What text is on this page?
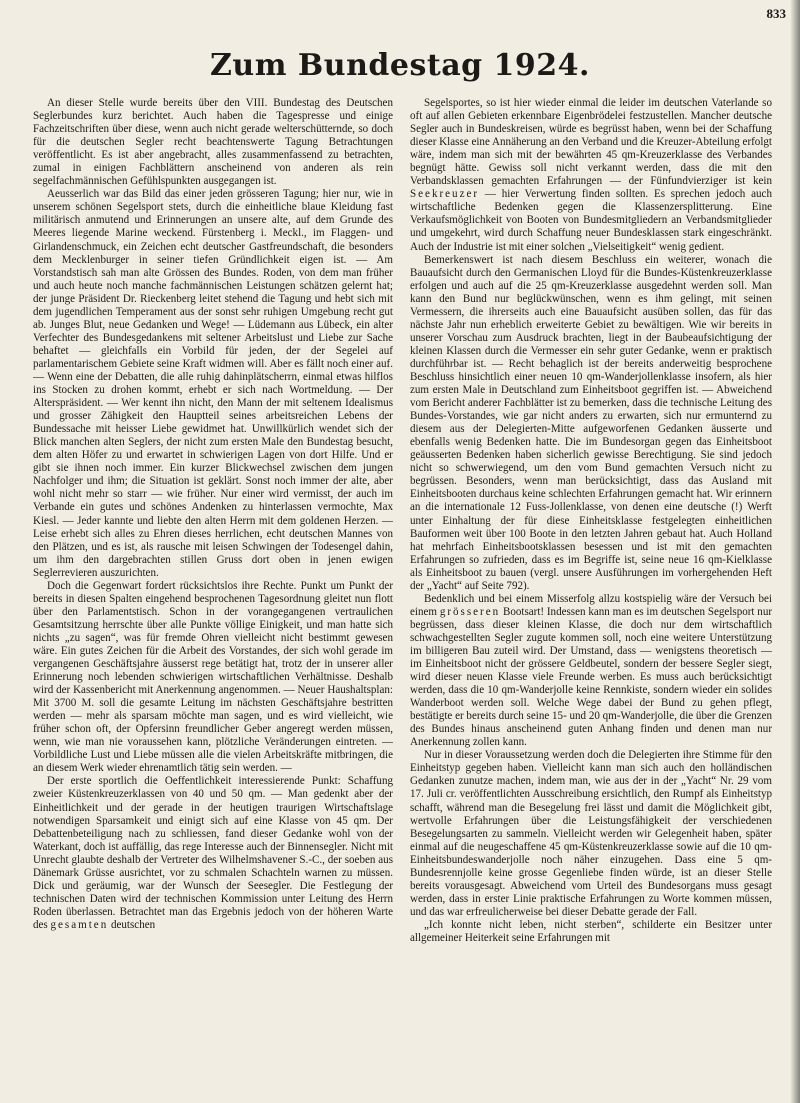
833
Zum Bundestag 1924.

An dieser Stelle wurde bereits über den VIII. Bundestag des Deutschen Seglerbundes kurz berichtet. Auch haben die Tagespresse und einige Fachzeitschriften über diese, wenn auch nicht gerade welterschütternde, so doch für die deutschen Segler recht beachtenswerte Tagung Betrachtungen veröffentlicht. Es ist aber angebracht, alles zusammenfassend zu betrachten, zumal in einigen Fachblättern anscheinend von anderen als rein segelfachmännischen Gefühlspunkten ausgegangen ist.

Aeusserlich war das Bild das einer jeden grösseren Tagung; hier nur, wie in unserem schönen Segelsport stets, durch die einheitliche blaue Kleidung fast militärisch anmutend und Erinnerungen an unsere alte, auf dem Grunde des Meeres liegende Marine weckend. Fürstenberg i. Meckl., im Flaggen- und Girlandenschmuck, ein Zeichen echt deutscher Gastfreundschaft, die besonders dem Mecklenburger in seiner tiefen Gründlichkeit eigen ist. — Am Vorstandstisch sah man alte Grössen des Bundes. Roden, von dem man früher und auch heute noch manche fachmännischen Leistungen schätzen gelernt hat; der junge Präsident Dr. Rieckenberg leitet stehend die Tagung und hebt sich mit dem jugendlichen Temperament aus der sonst sehr ruhigen Umgebung recht gut ab. Junges Blut, neue Gedanken und Wege! — Lüdemann aus Lübeck, ein alter Verfechter des Bundesgedankens mit seltener Arbeitslust und Liebe zur Sache behaftet — gleichfalls ein Vorbild für jeden, der der Segelei auf parlamentarischem Gebiete seine Kraft widmen will. Aber es fällt noch einer auf. — Wenn eine der Debatten, die alle ruhig dahinplätscherrn, einmal etwas hilflos ins Stocken zu drohen kommt, erhebt er sich nach Wortmeldung. — Der Alterspräsident. — Wer kennt ihn nicht, den Mann der mit seltenem Idealismus und grosser Zähigkeit den Hauptteil seines arbeitsreichen Lebens der Bundessache mit heisser Liebe gewidmet hat. Unwillkürlich wendet sich der Blick manchen alten Seglers, der nicht zum ersten Male den Bundestag besucht, dem alten Höfer zu und erwartet in schwierigen Lagen von dort Hilfe. Und er gibt sie ihnen noch immer. Ein kurzer Blickwechsel zwischen dem jungen Nachfolger und ihm; die Situation ist geklärt. Sonst noch immer der alte, aber wohl nicht mehr so starr — wie früher. Nur einer wird vermisst, der auch im Verbande ein gutes und schönes Andenken zu hinterlassen vermochte, Max Kiesl. — Jeder kannte und liebte den alten Herrn mit dem goldenen Herzen. — Leise erhebt sich alles zu Ehren dieses herrlichen, echt deutschen Mannes von den Plätzen, und es ist, als rausche mit leisen Schwingen der Todesengel dahin, um ihm den dargebrachten stillen Gruss dort oben in jenen ewigen Seglerrevieren auszurichten.

Doch die Gegenwart fordert rücksichtslos ihre Rechte. Punkt um Punkt der bereits in diesen Spalten eingehend besprochenen Tagesordnung gleitet nun flott über den Parlamentstisch. Schon in der vorangegangenen vertraulichen Gesamtsitzung herrschte über alle Punkte völlige Einigkeit, und man hatte sich nichts „zu sagen“, was für fremde Ohren vielleicht nicht bestimmt gewesen wäre. Ein gutes Zeichen für die Arbeit des Vorstandes, der sich wohl gerade im vergangenen Geschäftsjahre äusserst rege betätigt hat, trotz der in unserer aller Erinnerung noch lebenden schwierigen wirtschaftlichen Verhältnisse. Deshalb wird der Kassenbericht mit Anerkennung angenommen. — Neuer Haushaltsplan: Mit 3700 M. soll die gesamte Leitung im nächsten Geschäftsjahre bestritten werden — mehr als sparsam möchte man sagen, und es wird vielleicht, wie früher schon oft, der Opfersinn freundlicher Geber angeregt werden müssen, wenn, wie man nie voraussehen kann, plötzliche Veränderungen eintreten. — Vorbildliche Lust und Liebe müssen alle die vielen Arbeitskräfte mitbringen, die an diesem Werk wieder ehrenamtlich tätig sein werden. —

Der erste sportlich die Oeffentlichkeit interessierende Punkt: Schaffung zweier Küstenkreuzerklassen von 40 und 50 qm. — Man gedenkt aber der Einheitlichkeit und der gerade in der heutigen traurigen Wirtschaftslage notwendigen Sparsamkeit und einigt sich auf eine Klasse von 45 qm. Der Debattenbeteiligung nach zu schliessen, fand dieser Gedanke wohl von der Waterkant, doch ist auffällig, das rege Interesse auch der Binnensegler. Nicht mit Unrecht glaubte deshalb der Vertreter des Wilhelmshavener S.-C., der soeben aus Dänemark Grüsse ausrichtet, vor zu schmalen Schachteln warnen zu müssen. Dick und geräumig, war der Wunsch der Seesegler. Die Festlegung der technischen Daten wird der technischen Kommission unter Leitung des Herrn Roden überlassen. Betrachtet man das Ergebnis jedoch von der höheren Warte des gesamten deutschen

Segelsportes, so ist hier wieder einmal die leider im deutschen Vaterlande so oft auf allen Gebieten erkennbare Eigenbrödelei festzustellen. Mancher deutsche Segler auch in Bundeskreisen, würde es begrüsst haben, wenn bei der Schaffung dieser Klasse eine Annäherung an den Verband und die Kreuzer-Abteilung erfolgt wäre, indem man sich mit der bewährten 45 qm-Kreuzerklasse des Verbandes begnügt hätte. Gewiss soll nicht verkannt werden, dass die mit den Verbandsklassen gemachten Erfahrungen — der Fünfundvierziger ist kein Seekreuzer — hier Verwertung finden sollten. Es sprechen jedoch auch wirtschaftliche Bedenken gegen die Klassenzersplitterung. Eine Verkaufsmöglichkeit von Booten von Bundesmitgliedern an Verbandsmitglieder und umgekehrt, wird durch Schaffung neuer Bundesklassen stark eingeschränkt. Auch der Industrie ist mit einer solchen „Vielseitigkeit“ wenig gedient.

Bemerkenswert ist nach diesem Beschluss ein weiterer, wonach die Bauaufsicht durch den Germanischen Lloyd für die Bundes-Küstenkreuzerklasse erfolgen und auch auf die 25 qm-Kreuzerklasse ausgedehnt werden soll. Man kann den Bund nur beglückwünschen, wenn es ihm gelingt, mit seinen Vermessern, die ihrerseits auch eine Bauaufsicht ausüben sollen, das für das nächste Jahr nun erheblich erweiterte Gebiet zu bewältigen. Wie wir bereits in unserer Vorschau zum Ausdruck brachten, liegt in der Baubeaufsichtigung der kleinen Klassen durch die Vermesser ein sehr guter Gedanke, wenn er praktisch durchführbar ist. — Recht behaglich ist der bereits anderweitig besprochene Beschluss hinsichtlich einer neuen 10 qm-Wanderjollenklasse insofern, als hier zum ersten Male in Deutschland zum Einheitsboot gegriffen ist. — Abweichend vom Bericht anderer Fachblätter ist zu bemerken, dass die technische Leitung des Bundes-Vorstandes, wie gar nicht anders zu erwarten, sich nur ermunternd zu diesem aus der Delegierten-Mitte aufgeworfenen Gedanken äusserte und ebenfalls wenig Bedenken hatte. Die im Bundesorgan gegen das Einheitsboot geäusserten Bedenken haben sicherlich gewisse Berechtigung. Sie sind jedoch nicht so schwerwiegend, um den vom Bund gemachten Versuch nicht zu begrüssen. Besonders, wenn man berücksichtigt, dass das Ausland mit Einheitsbooten durchaus keine schlechten Erfahrungen gemacht hat. Wir erinnern an die internationale 12 Fuss-Jollenklasse, von denen eine deutsche (!) Werft unter Einhaltung der für diese Einheitsklasse festgelegten einheitlichen Bauformen weit über 100 Boote in den letzten Jahren gebaut hat. Auch Holland hat mehrfach Einheitsbootsklassen besessen und ist mit den gemachten Erfahrungen so zufrieden, dass es im Begriffe ist, seine neue 16 qm-Kielklasse als Einheitsboot zu bauen (vergl. unsere Ausführungen im vorhergehenden Heft der „Yacht“ auf Seite 792).

Bedenklich und bei einem Misserfolg allzu kostspielig wäre der Versuch bei einem grösseren Bootsart! Indessen kann man es im deutschen Segelsport nur begrüssen, dass dieser kleinen Klasse, die doch nur dem wirtschaftlich schwachgestellten Segler zugute kommen soll, noch eine weitere Unterstützung im billigeren Bau zuteil wird. Der Umstand, dass — wenigstens theoretisch — im Einheitsboot nicht der grössere Geldbeutel, sondern der bessere Segler siegt, wird dieser neuen Klasse viele Freunde werben. Es muss auch berücksichtigt werden, dass die 10 qm-Wanderjolle keine Rennkiste, sondern wieder ein solides Wanderboot werden soll. Welche Wege dabei der Bund zu gehen pflegt, bestätigte er bereits durch seine 15- und 20 qm-Wanderjolle, die über die Grenzen des Bundes hinaus anscheinend guten Anhang finden und denen man nur Anerkennung zollen kann.

Nur in dieser Voraussetzung werden doch die Delegierten ihre Stimme für den Einheitstyp gegeben haben. Vielleicht kann man sich auch den holländischen Gedanken zunutze machen, indem man, wie aus der in der „Yacht“ Nr. 29 vom 17. Juli cr. veröffentlichten Ausschreibung ersichtlich, den Rumpf als Einheitstyp schafft, während man die Besegelung frei lässt und damit die Möglichkeit gibt, wertvolle Erfahrungen über die Leistungsfähigkeit der verschiedenen Besegelungsarten zu sammeln. Vielleicht werden wir Gelegenheit haben, später einmal auf die neugeschaffene 45 qm-Küstenkreuzerklasse sowie auf die 10 qm-Einheitsbundeswanderjolle noch näher einzugehen. Dass eine 5 qm-Bundesrennjolle keine grosse Gegenliebe finden würde, ist an dieser Stelle bereits vorausgesagt. Abweichend vom Urteil des Bundesorgans muss gesagt werden, dass in erster Linie praktische Erfahrungen zu Worte kommen müssen, und das war erfreulicherweise bei dieser Debatte gerade der Fall.

„Ich konnte nicht leben, nicht sterben“, schilderte ein Besitzer unter allgemeiner Heiterkeit seine Erfahrungen mit
